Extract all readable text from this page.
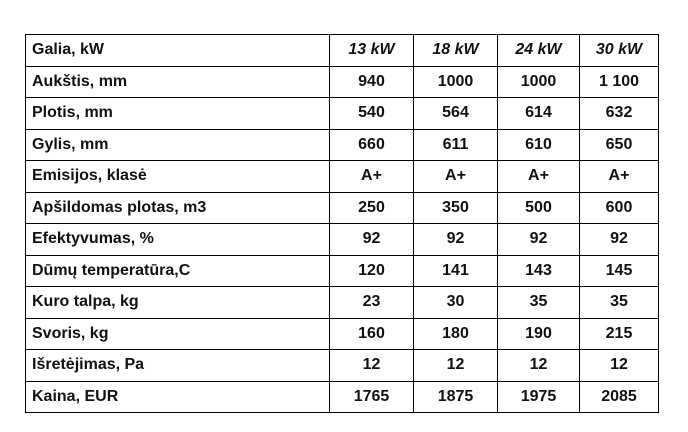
Galia, kW	13 kW	18 kW	24 kW	30 kW
Aukštis, mm	940	1000	1000	1 100
Plotis, mm	540	564	614	632
Gylis, mm	660	611	610	650
Emisijos, klasė	A+	A+	A+	A+
Apšildomas plotas, m3	250	350	500	600
Efektyvumas, %	92	92	92	92
Dūmų temperatūra,C	120	141	143	145
Kuro talpa, kg	23	30	35	35
Svoris, kg	160	180	190	215
Išretėjimas, Pa	12	12	12	12
Kaina, EUR	1765	1875	1975	2085
